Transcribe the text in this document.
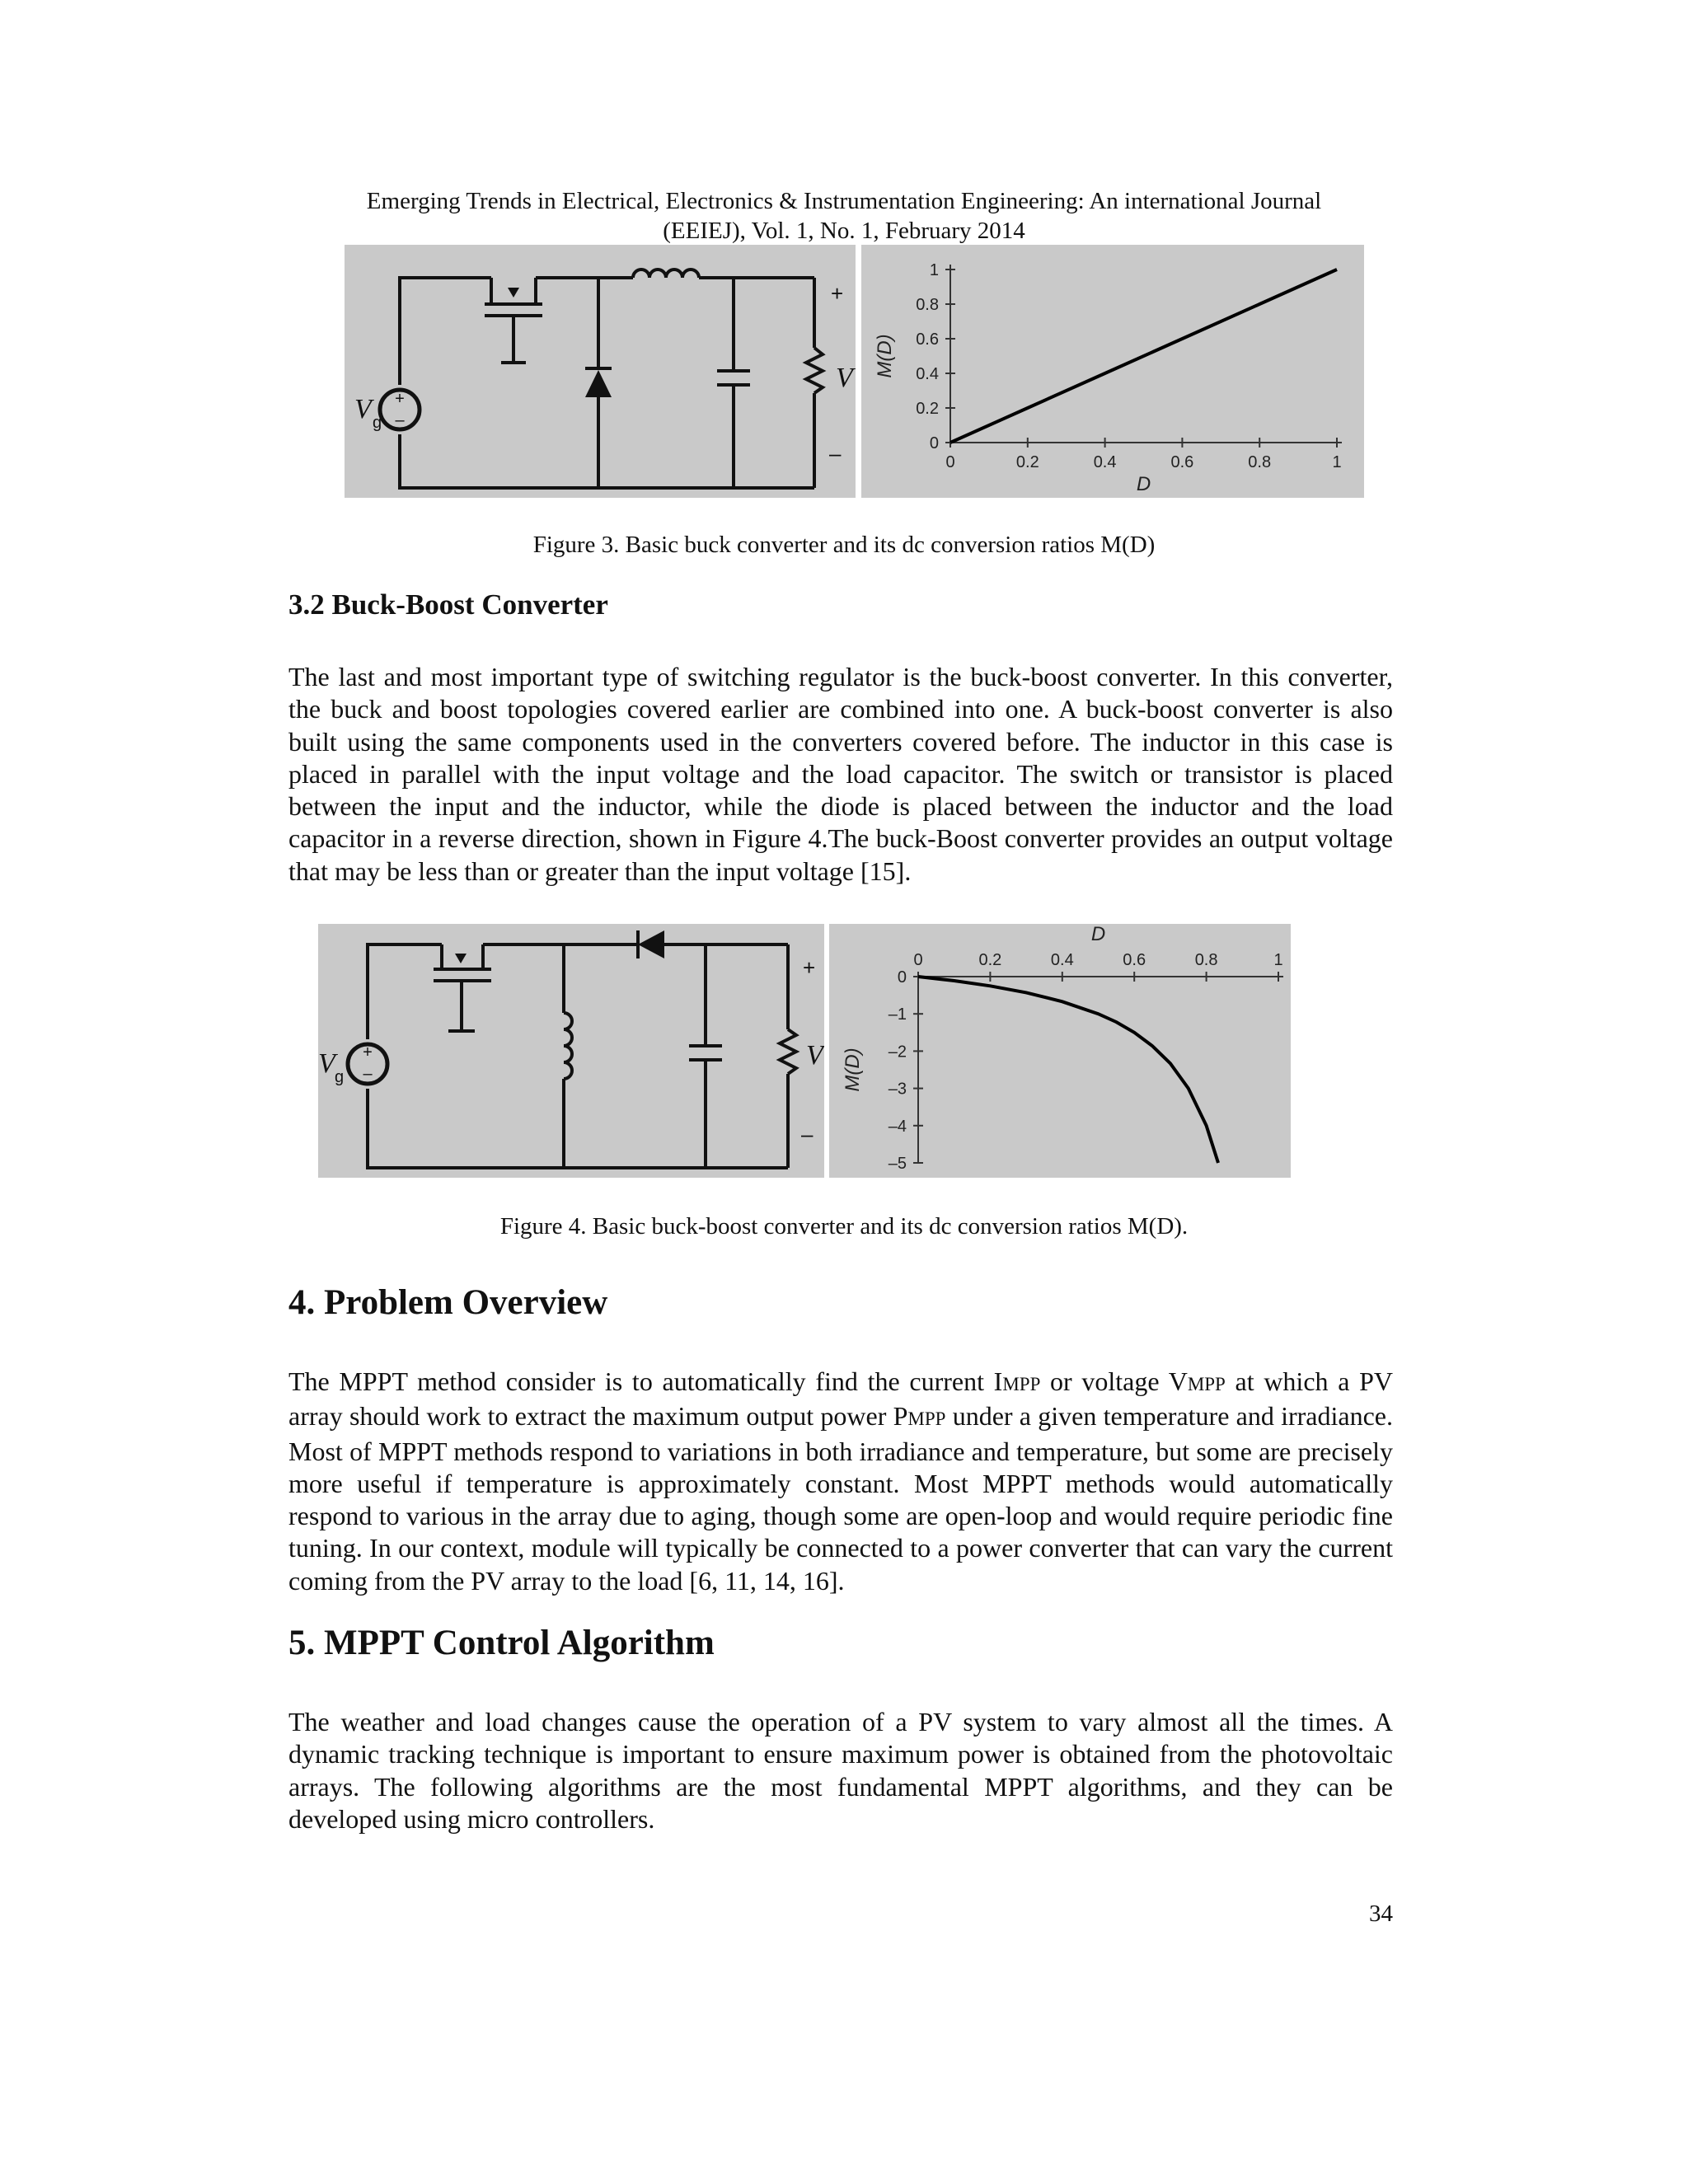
Emerging Trends in Electrical, Electronics & Instrumentation Engineering: An international Journal
(EEIEJ), Vol. 1, No. 1, February 2014
+
–
V g
V
+
–	0	0.2	0.4	0.6	0.8	1
0
0.2
0.4
0.6
0.8
1
D
M(D)
Figure 3. Basic buck converter and its dc conversion ratios M(D)
3.2 Buck-Boost Converter
The last and most important type of switching regulator is the buck-boost converter. In this converter, the buck and boost topologies covered earlier are combined into one. A buck-boost converter is also built using the same components used in the converters covered before. The inductor in this case is placed in parallel with the input voltage and the load capacitor. The switch or transistor is placed between the input and the inductor, while the diode is placed between the inductor and the load capacitor in a reverse direction, shown in Figure 4.The buck-Boost converter provides an output voltage that may be less than or greater than the input voltage [15].
+
–
V g
V
+
–
0	0.2	0.4	0.6	0.8	1
0
–1
–2
–3
–4
–5
D
M(D)
Figure 4. Basic buck-boost converter and its dc conversion ratios M(D).
4. Problem Overview
The MPPT method consider is to automatically find the current IMPP or voltage VMPP at which a PV array should work to extract the maximum output power PMPP under a given temperature and irradiance. Most of MPPT methods respond to variations in both irradiance and temperature, but some are precisely more useful if temperature is approximately constant. Most MPPT methods would automatically respond to various in the array due to aging, though some are open-loop and would require periodic fine tuning. In our context, module will typically be connected to a power converter that can vary the current coming from the PV array to the load [6, 11, 14, 16].
5. MPPT Control Algorithm
The weather and load changes cause the operation of a PV system to vary almost all the times. A dynamic tracking technique is important to ensure maximum power is obtained from the photovoltaic arrays. The following algorithms are the most fundamental MPPT algorithms, and they can be developed using micro controllers.
34
